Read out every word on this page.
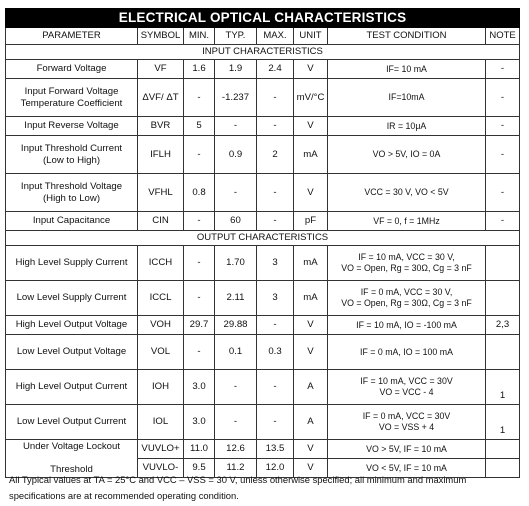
ELECTRICAL OPTICAL CHARACTERISTICS							
PARAMETER	SYMBOL	MIN.	TYP.	MAX.	UNIT	TEST CONDITION	NOTE
INPUT CHARACTERISTICS							
Forward Voltage	VF	1.6	1.9	2.4	V	IF= 10 mA	-
Input Forward Voltage
Temperature Coefficient	ΔVF/ ΔT	-	-1.237	-	mV/°C	IF=10mA	-
Input Reverse Voltage	BVR	5	-	-	V	IR = 10μA	-
Input Threshold Current
(Low to High)	IFLH	-	0.9	2	mA	VO > 5V, IO = 0A	-
Input Threshold Voltage
(High to Low)	VFHL	0.8	-	-	V	VCC = 30 V, VO < 5V	-
Input Capacitance	CIN	-	60	-	pF	VF = 0, f = 1MHz	-
OUTPUT CHARACTERISTICS							
High Level Supply Current	ICCH	-	1.70	3	mA	IF = 10 mA, VCC = 30 V,
VO = Open, Rg = 30Ω, Cg = 3 nF	
Low Level Supply Current	ICCL	-	2.11	3	mA	IF = 0 mA, VCC = 30 V,
VO = Open, Rg = 30Ω, Cg = 3 nF	
High Level Output Voltage	VOH	29.7	29.88	-	V	IF = 10 mA, IO = -100 mA	2,3
Low Level Output Voltage	VOL	-	0.1	0.3	V	IF = 0 mA, IO = 100 mA	
High Level Output Current	IOH	3.0	-	-	A	IF = 10 mA, VCC = 30V
VO = VCC - 4	1
Low Level Output Current	IOL	3.0	-	-	A	IF = 0 mA, VCC = 30V
VO = VSS + 4	1
Under Voltage Lockout

Threshold	VUVLO+	11.0	12.6	13.5	V	VO > 5V, IF = 10 mA	
	VUVLO-	9.5	11.2	12.0	V	VO < 5V, IF = 10 mA	
All Typical values at TA = 25°C and VCC – VSS = 30 V, unless otherwise specified; all minimum and maximum specifications are at recommended operating condition.
